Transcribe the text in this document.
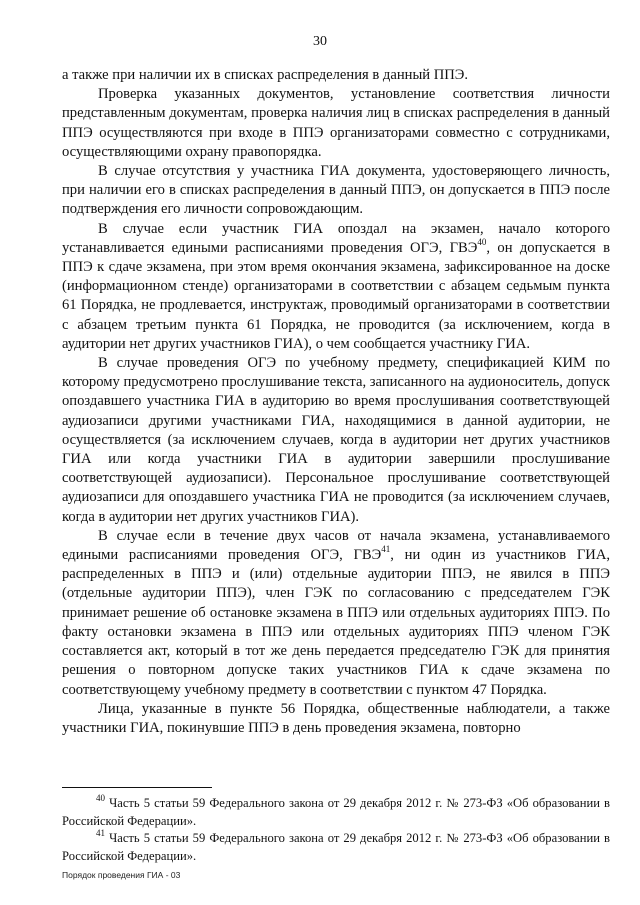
30

а также при наличии их в списках распределения в данный ППЭ.

Проверка указанных документов, установление соответствия личности представленным документам, проверка наличия лиц в списках распределения в данный ППЭ осуществляются при входе в ППЭ организаторами совместно с сотрудниками, осуществляющими охрану правопорядка.

В случае отсутствия у участника ГИА документа, удостоверяющего личность, при наличии его в списках распределения в данный ППЭ, он допускается в ППЭ после подтверждения его личности сопровождающим.

В случае если участник ГИА опоздал на экзамен, начало которого устанавливается едиными расписаниями проведения ОГЭ, ГВЭ$^{40}$, он допускается в ППЭ к сдаче экзамена, при этом время окончания экзамена, зафиксированное на доске (информационном стенде) организаторами в соответствии с абзацем седьмым пункта 61 Порядка, не продлевается, инструктаж, проводимый организаторами в соответствии с абзацем третьим пункта 61 Порядка, не проводится (за исключением, когда в аудитории нет других участников ГИА), о чем сообщается участнику ГИА.

В случае проведения ОГЭ по учебному предмету, спецификацией КИМ по которому предусмотрено прослушивание текста, записанного на аудионоситель, допуск опоздавшего участника ГИА в аудиторию во время прослушивания соответствующей аудиозаписи другими участниками ГИА, находящимися в данной аудитории, не осуществляется (за исключением случаев, когда в аудитории нет других участников ГИА или когда участники ГИА в аудитории завершили прослушивание соответствующей аудиозаписи). Персональное прослушивание соответствующей аудиозаписи для опоздавшего участника ГИА не проводится (за исключением случаев, когда в аудитории нет других участников ГИА).

В случае если в течение двух часов от начала экзамена, устанавливаемого едиными расписаниями проведения ОГЭ, ГВЭ$^{41}$, ни один из участников ГИА, распределенных в ППЭ и (или) отдельные аудитории ППЭ, не явился в ППЭ (отдельные аудитории ППЭ), член ГЭК по согласованию с председателем ГЭК принимает решение об остановке экзамена в ППЭ или отдельных аудиториях ППЭ. По факту остановки экзамена в ППЭ или отдельных аудиториях ППЭ членом ГЭК составляется акт, который в тот же день передается председателю ГЭК для принятия решения о повторном допуске таких участников ГИА к сдаче экзамена по соответствующему учебному предмету в соответствии с пунктом 47 Порядка.

Лица, указанные в пункте 56 Порядка, общественные наблюдатели, а также участники ГИА, покинувшие ППЭ в день проведения экзамена, повторно

$^{40}$ Часть 5 статьи 59 Федерального закона от 29 декабря 2012 г. № 273-ФЗ «Об образовании в Российской Федерации».

$^{41}$ Часть 5 статьи 59 Федерального закона от 29 декабря 2012 г. № 273-ФЗ «Об образовании в Российской Федерации».

Порядок проведения ГИА - 03
